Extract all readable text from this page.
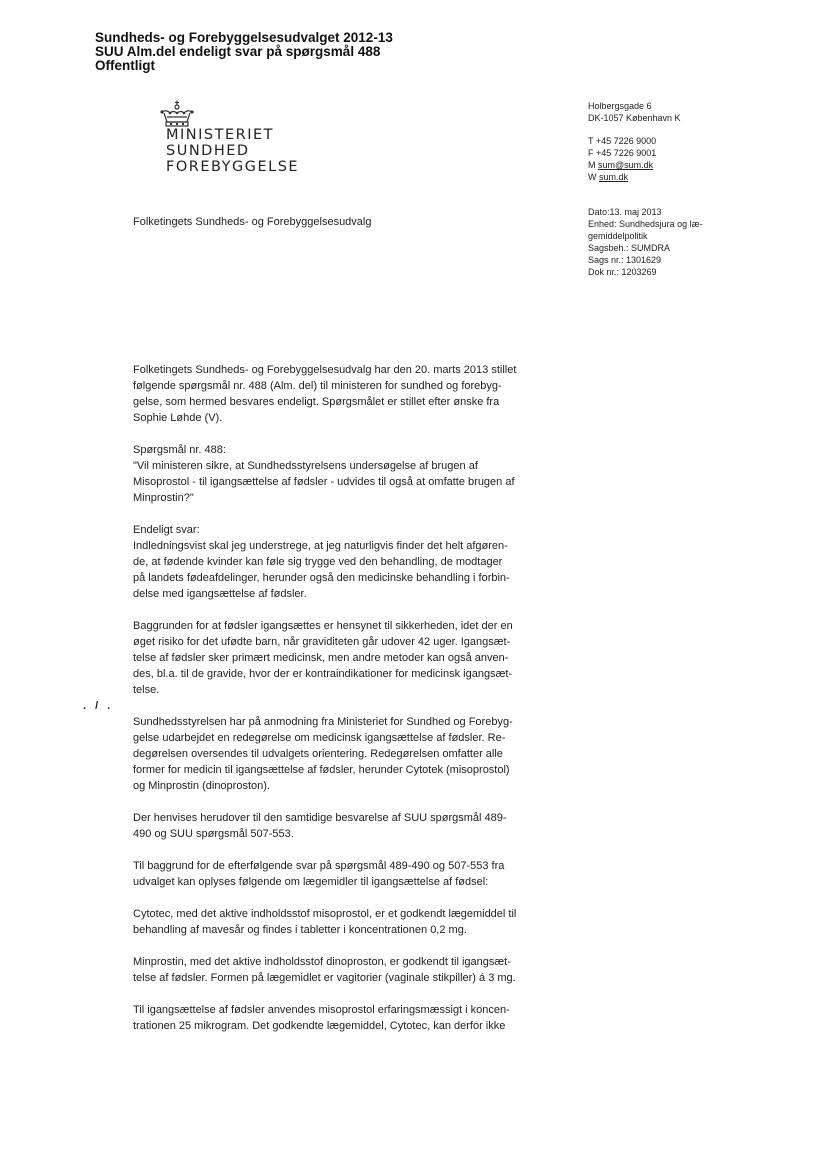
Sundheds- og Forebyggelsesudvalget 2012-13
SUU Alm.del endeligt svar på spørgsmål 488
Offentligt
MINISTERIET
SUNDHED
FOREBYGGELSE
Holbergsgade 6
DK-1057 København K
T +45 7226 9000
F +45 7226 9001
M sum@sum.dk
W sum.dk
Dato:13. maj 2013
Enhed: Sundhedsjura og læ-
gemiddelpolitik
Sagsbeh.: SUMDRA
Sags nr.: 1301629
Dok nr.: 1203269
Folketingets Sundheds- og Forebyggelsesudvalg
. / .

Folketingets Sundheds- og Forebyggelsesudvalg har den 20. marts 2013 stillet
følgende spørgsmål nr. 488 (Alm. del) til ministeren for sundhed og forebyg-
gelse, som hermed besvares endeligt. Spørgsmålet er stillet efter ønske fra
Sophie Løhde (V).

Spørgsmål nr. 488:
"Vil ministeren sikre, at Sundhedsstyrelsens undersøgelse af brugen af
Misoprostol - til igangsættelse af fødsler - udvides til også at omfatte brugen af
Minprostin?"

Endeligt svar:
Indledningsvist skal jeg understrege, at jeg naturligvis finder det helt afgøren-
de, at fødende kvinder kan føle sig trygge ved den behandling, de modtager
på landets fødeafdelinger, herunder også den medicinske behandling i forbin-
delse med igangsættelse af fødsler.

Baggrunden for at fødsler igangsættes er hensynet til sikkerheden, idet der en
øget risiko for det ufødte barn, når graviditeten går udover 42 uger. Igangsæt-
telse af fødsler sker primært medicinsk, men andre metoder kan også anven-
des, bl.a. til de gravide, hvor der er kontraindikationer for medicinsk igangsæt-
telse.

Sundhedsstyrelsen har på anmodning fra Ministeriet for Sundhed og Forebyg-
gelse udarbejdet en redegørelse om medicinsk igangsættelse af fødsler. Re-
degørelsen oversendes til udvalgets orientering. Redegørelsen omfatter alle
former for medicin til igangsættelse af fødsler, herunder Cytotek (misoprostol)
og Minprostin (dinoproston).

Der henvises herudover til den samtidige besvarelse af SUU spørgsmål 489-
490 og SUU spørgsmål 507-553.

Til baggrund for de efterfølgende svar på spørgsmål 489-490 og 507-553 fra
udvalget kan oplyses følgende om lægemidler til igangsættelse af fødsel:

Cytotec, med det aktive indholdsstof misoprostol, er et godkendt lægemiddel til
behandling af mavesår og findes i tabletter i koncentrationen 0,2 mg.

Minprostin, med det aktive indholdsstof dinoproston, er godkendt til igangsæt-
telse af fødsler. Formen på lægemidlet er vagitorier (vaginale stikpiller) á 3 mg.

Til igangsættelse af fødsler anvendes misoprostol erfaringsmæssigt i koncen-
trationen 25 mikrogram. Det godkendte lægemiddel, Cytotec, kan derfor ikke
